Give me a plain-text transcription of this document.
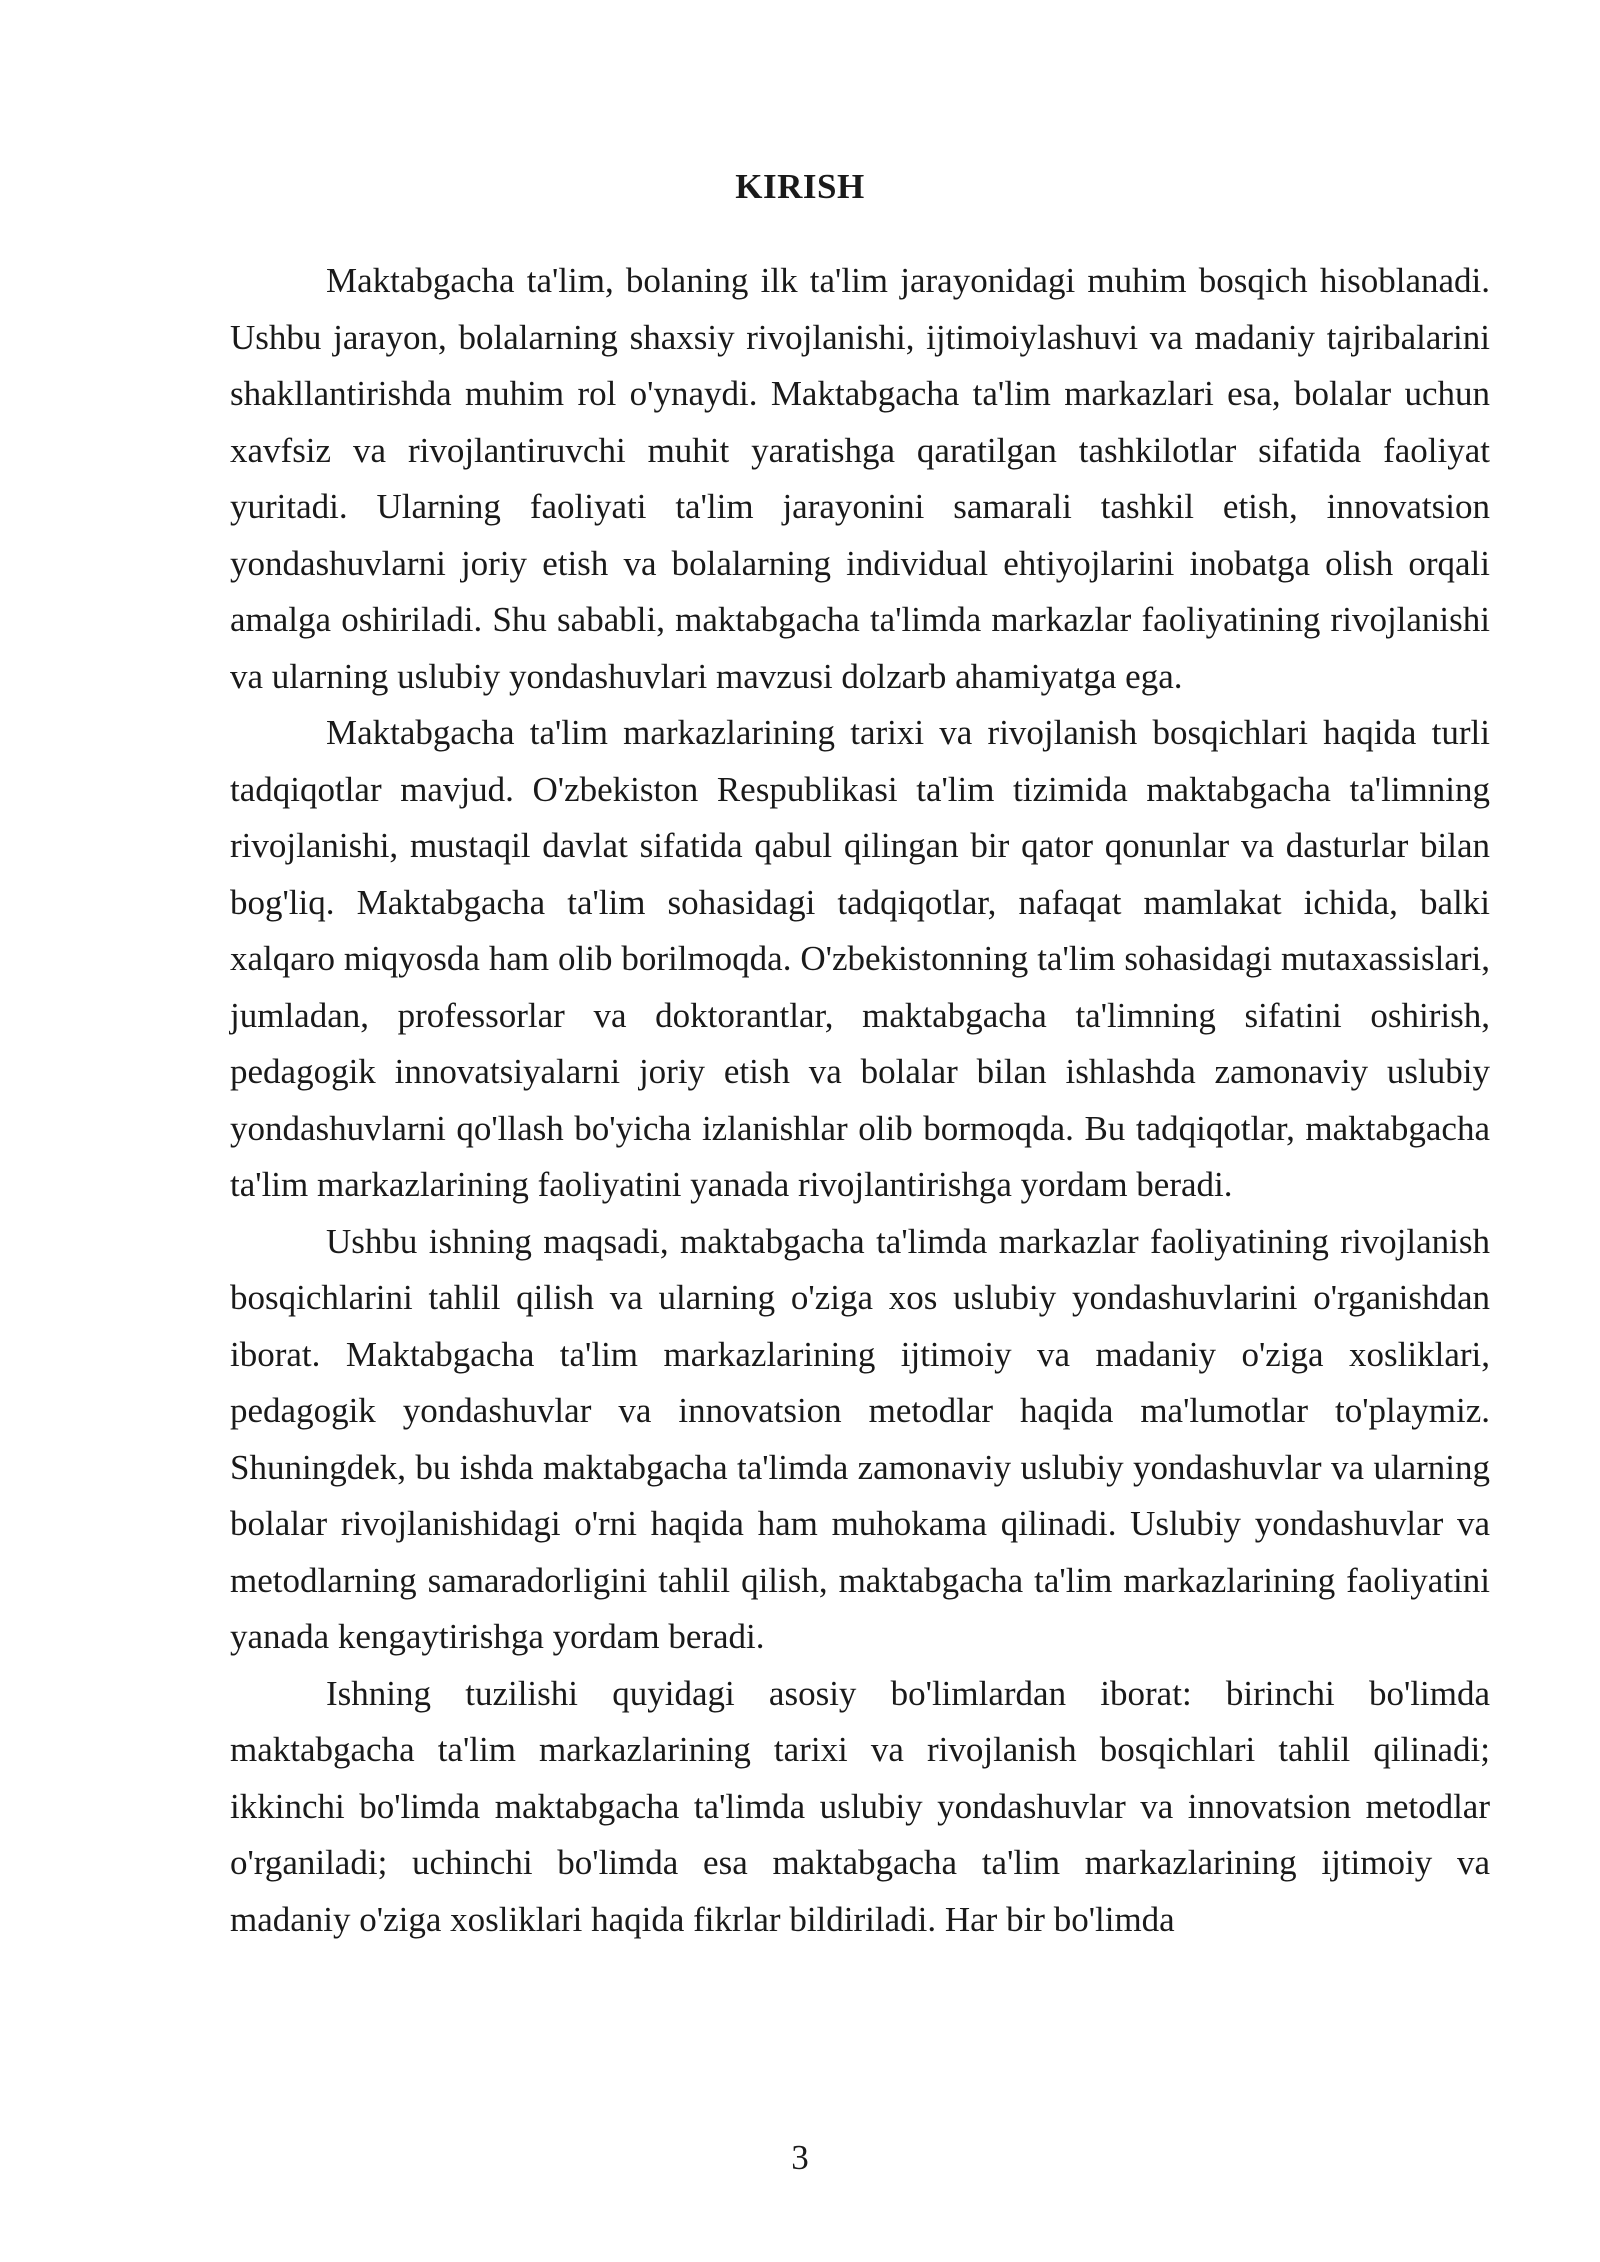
KIRISH

Maktabgacha ta'lim, bolaning ilk ta'lim jarayonidagi muhim bosqich hisoblanadi. Ushbu jarayon, bolalarning shaxsiy rivojlanishi, ijtimoiylashuvi va madaniy tajribalarini shakllantirishda muhim rol o'ynaydi. Maktabgacha ta'lim markazlari esa, bolalar uchun xavfsiz va rivojlantiruvchi muhit yaratishga qaratilgan tashkilotlar sifatida faoliyat yuritadi. Ularning faoliyati ta'lim jarayonini samarali tashkil etish, innovatsion yondashuvlarni joriy etish va bolalarning individual ehtiyojlarini inobatga olish orqali amalga oshiriladi. Shu sababli, maktabgacha ta'limda markazlar faoliyatining rivojlanishi va ularning uslubiy yondashuvlari mavzusi dolzarb ahamiyatga ega.

Maktabgacha ta'lim markazlarining tarixi va rivojlanish bosqichlari haqida turli tadqiqotlar mavjud. O'zbekiston Respublikasi ta'lim tizimida maktabgacha ta'limning rivojlanishi, mustaqil davlat sifatida qabul qilingan bir qator qonunlar va dasturlar bilan bog'liq. Maktabgacha ta'lim sohasidagi tadqiqotlar, nafaqat mamlakat ichida, balki xalqaro miqyosda ham olib borilmoqda. O'zbekistonning ta'lim sohasidagi mutaxassislari, jumladan, professorlar va doktorantlar, maktabgacha ta'limning sifatini oshirish, pedagogik innovatsiyalarni joriy etish va bolalar bilan ishlashda zamonaviy uslubiy yondashuvlarni qo'llash bo'yicha izlanishlar olib bormoqda. Bu tadqiqotlar, maktabgacha ta'lim markazlarining faoliyatini yanada rivojlantirishga yordam beradi.

Ushbu ishning maqsadi, maktabgacha ta'limda markazlar faoliyatining rivojlanish bosqichlarini tahlil qilish va ularning o'ziga xos uslubiy yondashuvlarini o'rganishdan iborat. Maktabgacha ta'lim markazlarining ijtimoiy va madaniy o'ziga xosliklari, pedagogik yondashuvlar va innovatsion metodlar haqida ma'lumotlar to'playmiz. Shuningdek, bu ishda maktabgacha ta'limda zamonaviy uslubiy yondashuvlar va ularning bolalar rivojlanishidagi o'rni haqida ham muhokama qilinadi. Uslubiy yondashuvlar va metodlarning samaradorligini tahlil qilish, maktabgacha ta'lim markazlarining faoliyatini yanada kengaytirishga yordam beradi.

Ishning tuzilishi quyidagi asosiy bo'limlardan iborat: birinchi bo'limda maktabgacha ta'lim markazlarining tarixi va rivojlanish bosqichlari tahlil qilinadi; ikkinchi bo'limda maktabgacha ta'limda uslubiy yondashuvlar va innovatsion metodlar o'rganiladi; uchinchi bo'limda esa maktabgacha ta'lim markazlarining ijtimoiy va madaniy o'ziga xosliklari haqida fikrlar bildiriladi. Har bir bo'limda

3
